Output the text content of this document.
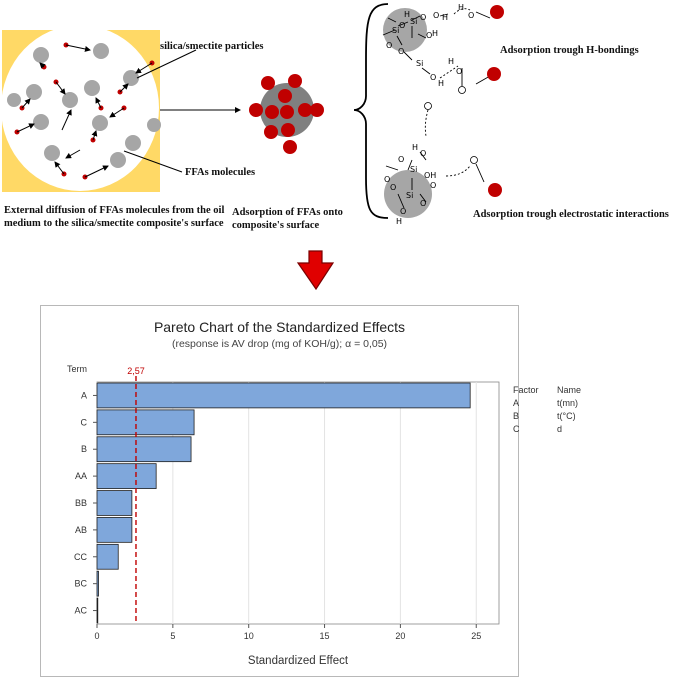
Si
Si
H
O
O
H
O
O
O
Si
O
H
H
O
O H
H
O
H
O
Si
OH
O
O
O
Si
O
O
H
O
silica/smectite particles
FFAs molecules
Adsorption trough H-bondings
Adsorption trough electrostatic interactions
External diffusion of FFAs molecules from the oil medium to the silica/smectite composite's surface
Adsorption of FFAs onto composite's surface
Pareto Chart of the Standardized Effects
(response is AV drop (mg of KOH/g); α = 0,05)
Term
Standardized Effect
2,57
0	5	10	15	20	25
A
C
B
AA
BB
AB
CC
BC
AC
Factor Name
A	t(mn)
B	t(°C)
C	d
